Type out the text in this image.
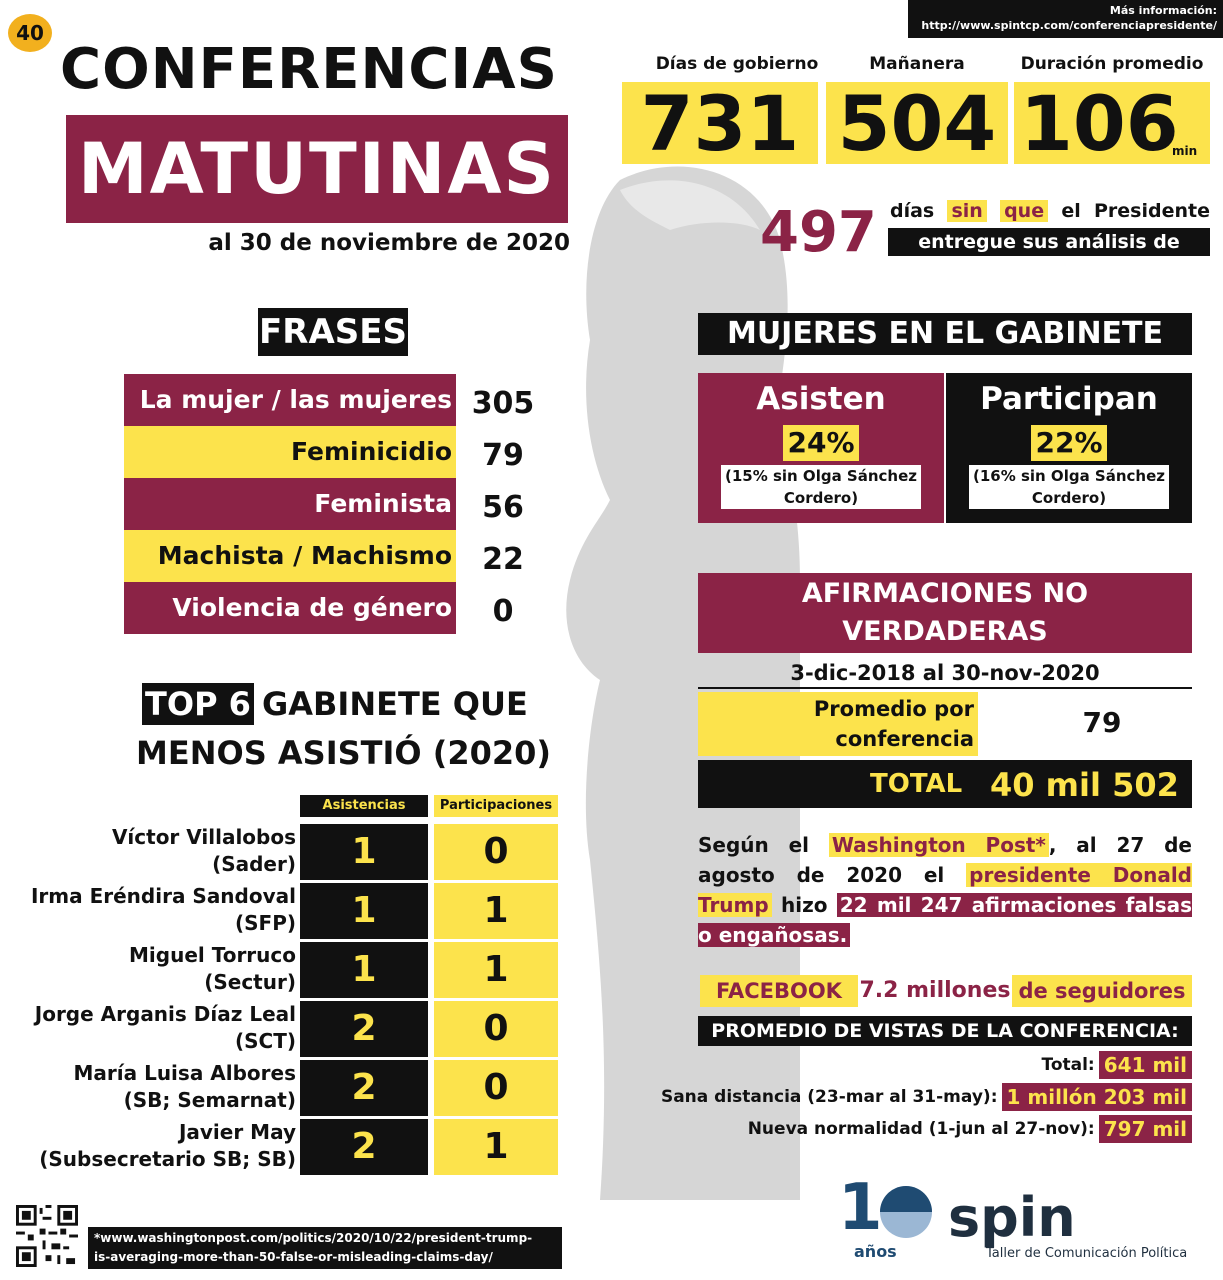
40
CONFERENCIAS
MATUTINAS
al 30 de noviembre de 2020
Más información:
http://www.spintcp.com/conferenciapresidente/
Días de gobierno	Mañanera	Duración promedio
731 504 106
min
497 días sin que el Presidente
entregue sus análisis de salud.
FRASES
La mujer / las mujeres 305
Feminicidio	79
Feminista	56
Machista / Machismo	22
Violencia de género	0
TOP 6 GABINETE QUE
MENOS ASISTIÓ (2020)
Asistencias	Participaciones
Víctor Villalobos
(Sader)	1	0
Irma Eréndira Sandoval
(SFP)	1	1
Miguel Torruco
(Sectur)	1	1
Jorge Arganis Díaz Leal
(SCT)	2	0
María Luisa Albores
(SB; Semarnat)	2	0
Javier May
(Subsecretario SB; SB)	2	1
*www.washingtonpost.com/politics/2020/10/22/president-trump-
is-averaging-more-than-50-false-or-misleading-claims-day/
MUJERES EN EL GABINETE
Asisten
24%
(15% sin Olga Sánchez Cordero)
Participan
22%
(16% sin Olga Sánchez Cordero)
AFIRMACIONES NO
VERDADERAS
3-dic-2018 al 30-nov-2020
Promedio por
conferencia	79
TOTAL 40 mil 502
Según el Washington Post* , al 27 de agosto de 2020 el presidente Donald Trump hizo 22 mil 247 afirmaciones falsas o engañosas.
FACEBOOK 7.2 millones de seguidores
PROMEDIO DE VISTAS DE LA CONFERENCIA:
Total: 641 mil
Sana distancia (23-mar al 31-may): 1 millón 203 mil
Nueva normalidad (1-jun al 27-nov): 797 mil
1
años
spin
Taller de Comunicación Política
